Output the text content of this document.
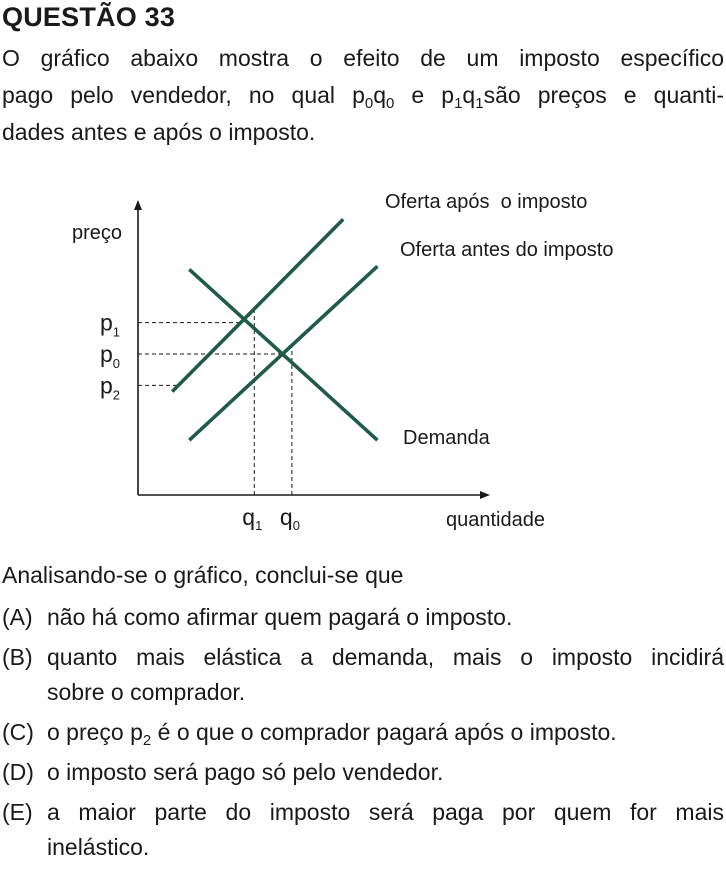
QUESTÃO 33
O gráfico abaixo mostra o efeito de um imposto específico
pago pelo vendedor, no qual $p_0q_0$ e $p_1q_1são$ preços e quanti-
dades antes e após o imposto.
preço
quantidade
$p_1$
$p_0$
$p_2$
$q_1$ $q_0$
Oferta após  o imposto
Oferta antes do imposto
Demanda
Analisando-se o gráfico, conclui-se que
(A) não há como afirmar quem pagará o imposto.
(B) quanto mais elástica a demanda, mais o imposto incidirá
sobre o comprador.
(C) o preço $p_2$ é o que o comprador pagará após o imposto.
(D) o imposto será pago só pelo vendedor.
(E) a maior parte do imposto será paga por quem for mais
inelástico.
